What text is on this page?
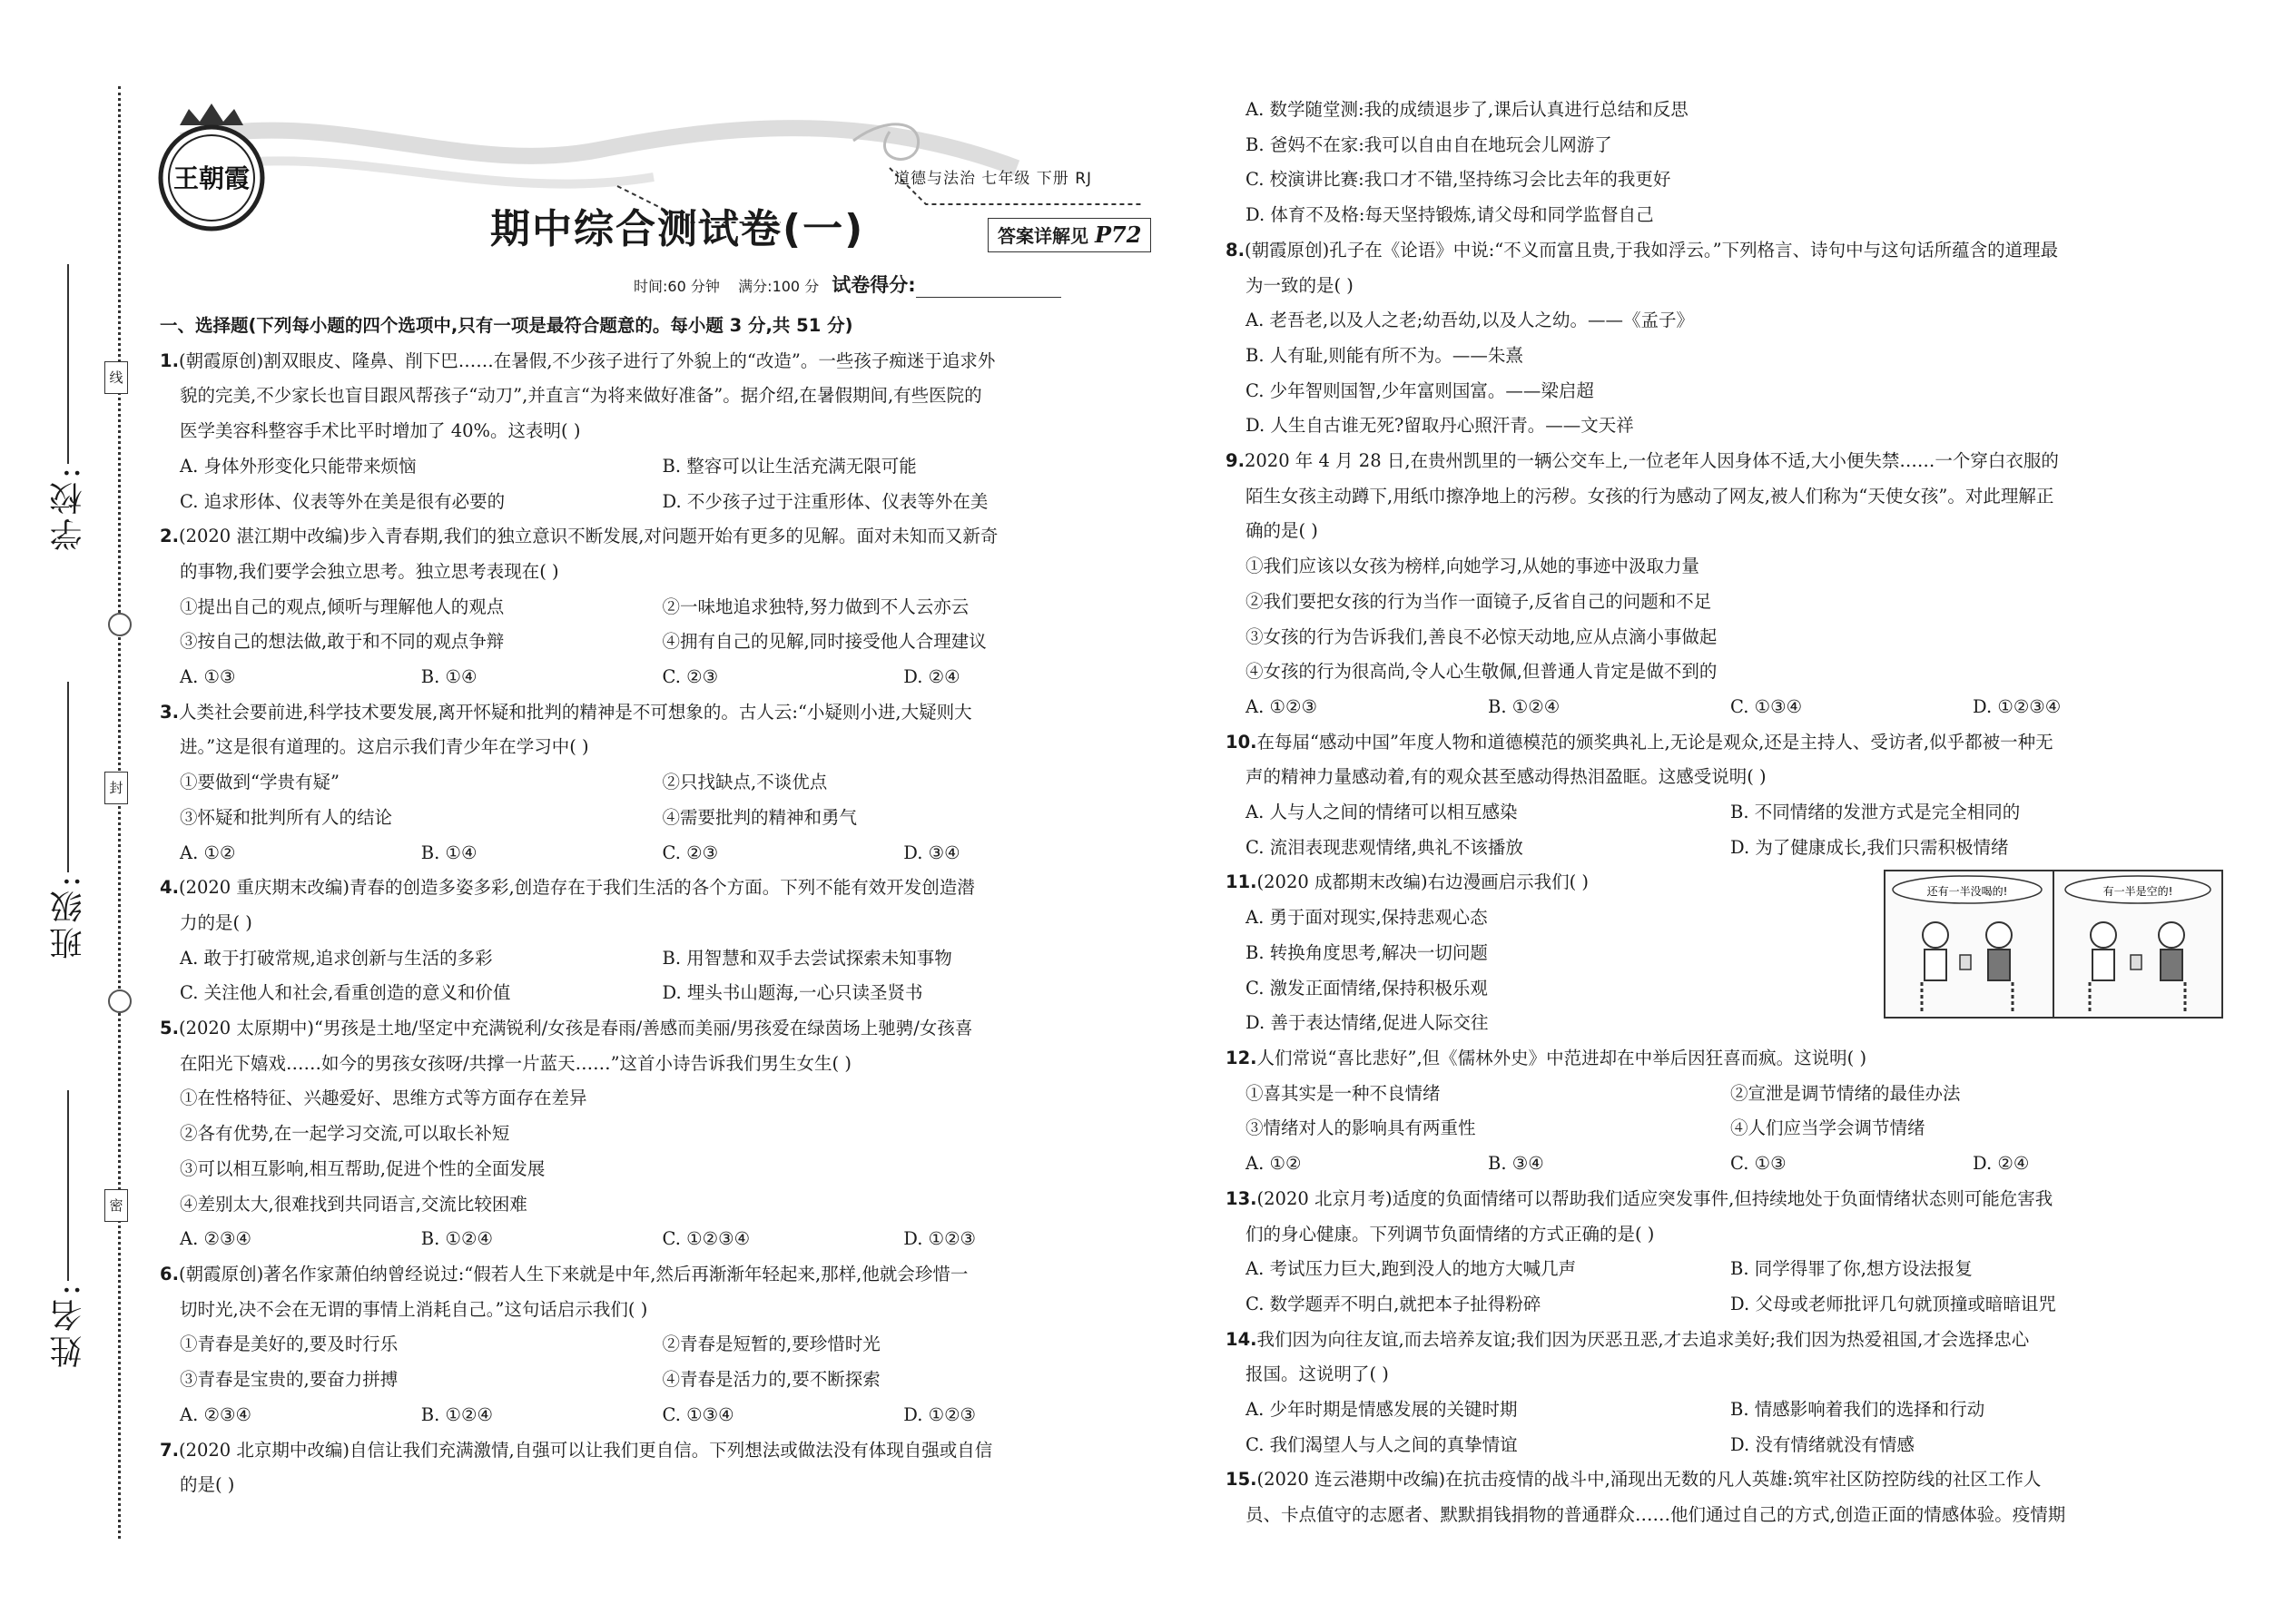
线
封
密
学校:
班级:
姓名:
王朝霞	道德与法治 七年级 下册 RJ
期中综合测试卷(一)	答案详解见 P72
时间:60 分钟    满分:100 分 试卷得分:
一、选择题(下列每小题的四个选项中,只有一项是最符合题意的。每小题 3 分,共 51 分)
1.(朝霞原创)割双眼皮、隆鼻、削下巴……在暑假,不少孩子进行了外貌上的“改造”。一些孩子痴迷于追求外
貌的完美,不少家长也盲目跟风帮孩子“动刀”,并直言“为将来做好准备”。据介绍,在暑假期间,有些医院的
医学美容科整容手术比平时增加了 40%。这表明( )
A. 身体外形变化只能带来烦恼	B. 整容可以让生活充满无限可能
C. 追求形体、仪表等外在美是很有必要的	D. 不少孩子过于注重形体、仪表等外在美
2.(2020 湛江期中改编)步入青春期,我们的独立意识不断发展,对问题开始有更多的见解。面对未知而又新奇
的事物,我们要学会独立思考。独立思考表现在( )
①提出自己的观点,倾听与理解他人的观点	②一味地追求独特,努力做到不人云亦云
③按自己的想法做,敢于和不同的观点争辩	④拥有自己的见解,同时接受他人合理建议
A. ①③	B. ①④	C. ②③	D. ②④
3.人类社会要前进,科学技术要发展,离开怀疑和批判的精神是不可想象的。古人云:“小疑则小进,大疑则大
进。”这是很有道理的。这启示我们青少年在学习中( )
①要做到“学贵有疑”	②只找缺点,不谈优点
③怀疑和批判所有人的结论	④需要批判的精神和勇气
A. ①②	B. ①④	C. ②③	D. ③④
4.(2020 重庆期末改编)青春的创造多姿多彩,创造存在于我们生活的各个方面。下列不能有效开发创造潜
力的是( )
A. 敢于打破常规,追求创新与生活的多彩	B. 用智慧和双手去尝试探索未知事物
C. 关注他人和社会,看重创造的意义和价值	D. 埋头书山题海,一心只读圣贤书
5.(2020 太原期中)“男孩是土地/坚定中充满锐利/女孩是春雨/善感而美丽/男孩爱在绿茵场上驰骋/女孩喜
在阳光下嬉戏……如今的男孩女孩呀/共撑一片蓝天……”这首小诗告诉我们男生女生( )
①在性格特征、兴趣爱好、思维方式等方面存在差异
②各有优势,在一起学习交流,可以取长补短
③可以相互影响,相互帮助,促进个性的全面发展
④差别太大,很难找到共同语言,交流比较困难
A. ②③④	B. ①②④	C. ①②③④	D. ①②③
6.(朝霞原创)著名作家萧伯纳曾经说过:“假若人生下来就是中年,然后再渐渐年轻起来,那样,他就会珍惜一
切时光,决不会在无谓的事情上消耗自己。”这句话启示我们( )
①青春是美好的,要及时行乐	②青春是短暂的,要珍惜时光
③青春是宝贵的,要奋力拼搏	④青春是活力的,要不断探索
A. ②③④	B. ①②④	C. ①③④	D. ①②③
7.(2020 北京期中改编)自信让我们充满激情,自强可以让我们更自信。下列想法或做法没有体现自强或自信
的是( )
A. 数学随堂测:我的成绩退步了,课后认真进行总结和反思
B. 爸妈不在家:我可以自由自在地玩会儿网游了
C. 校演讲比赛:我口才不错,坚持练习会比去年的我更好
D. 体育不及格:每天坚持锻炼,请父母和同学监督自己
8.(朝霞原创)孔子在《论语》中说:“不义而富且贵,于我如浮云。”下列格言、诗句中与这句话所蕴含的道理最
为一致的是( )
A. 老吾老,以及人之老;幼吾幼,以及人之幼。——《孟子》
B. 人有耻,则能有所不为。——朱熹
C. 少年智则国智,少年富则国富。——梁启超
D. 人生自古谁无死?留取丹心照汗青。——文天祥
9.2020 年 4 月 28 日,在贵州凯里的一辆公交车上,一位老年人因身体不适,大小便失禁……一个穿白衣服的
陌生女孩主动蹲下,用纸巾擦净地上的污秽。女孩的行为感动了网友,被人们称为“天使女孩”。对此理解正
确的是( )
①我们应该以女孩为榜样,向她学习,从她的事迹中汲取力量
②我们要把女孩的行为当作一面镜子,反省自己的问题和不足
③女孩的行为告诉我们,善良不必惊天动地,应从点滴小事做起
④女孩的行为很高尚,令人心生敬佩,但普通人肯定是做不到的
A. ①②③	B. ①②④	C. ①③④	D. ①②③④
10.在每届“感动中国”年度人物和道德模范的颁奖典礼上,无论是观众,还是主持人、受访者,似乎都被一种无
声的精神力量感动着,有的观众甚至感动得热泪盈眶。这感受说明( )
A. 人与人之间的情绪可以相互感染	B. 不同情绪的发泄方式是完全相同的
C. 流泪表现悲观情绪,典礼不该播放	D. 为了健康成长,我们只需积极情绪
11.(2020 成都期末改编)右边漫画启示我们( )
A. 勇于面对现实,保持悲观心态
B. 转换角度思考,解决一切问题
C. 激发正面情绪,保持积极乐观
D. 善于表达情绪,促进人际交往
12.人们常说“喜比悲好”,但《儒林外史》中范进却在中举后因狂喜而疯。这说明( )
①喜其实是一种不良情绪	②宣泄是调节情绪的最佳办法
③情绪对人的影响具有两重性	④人们应当学会调节情绪
A. ①②	B. ③④	C. ①③	D. ②④
13.(2020 北京月考)适度的负面情绪可以帮助我们适应突发事件,但持续地处于负面情绪状态则可能危害我
们的身心健康。下列调节负面情绪的方式正确的是( )
A. 考试压力巨大,跑到没人的地方大喊几声	B. 同学得罪了你,想方设法报复
C. 数学题弄不明白,就把本子扯得粉碎	D. 父母或老师批评几句就顶撞或暗暗诅咒
14.我们因为向往友谊,而去培养友谊;我们因为厌恶丑恶,才去追求美好;我们因为热爱祖国,才会选择忠心
报国。这说明了( )
A. 少年时期是情感发展的关键时期	B. 情感影响着我们的选择和行动
C. 我们渴望人与人之间的真挚情谊	D. 没有情绪就没有情感
15.(2020 连云港期中改编)在抗击疫情的战斗中,涌现出无数的凡人英雄:筑牢社区防控防线的社区工作人
员、卡点值守的志愿者、默默捐钱捐物的普通群众……他们通过自己的方式,创造正面的情感体验。疫情期
还有一半没喝的!	有一半是空的!
